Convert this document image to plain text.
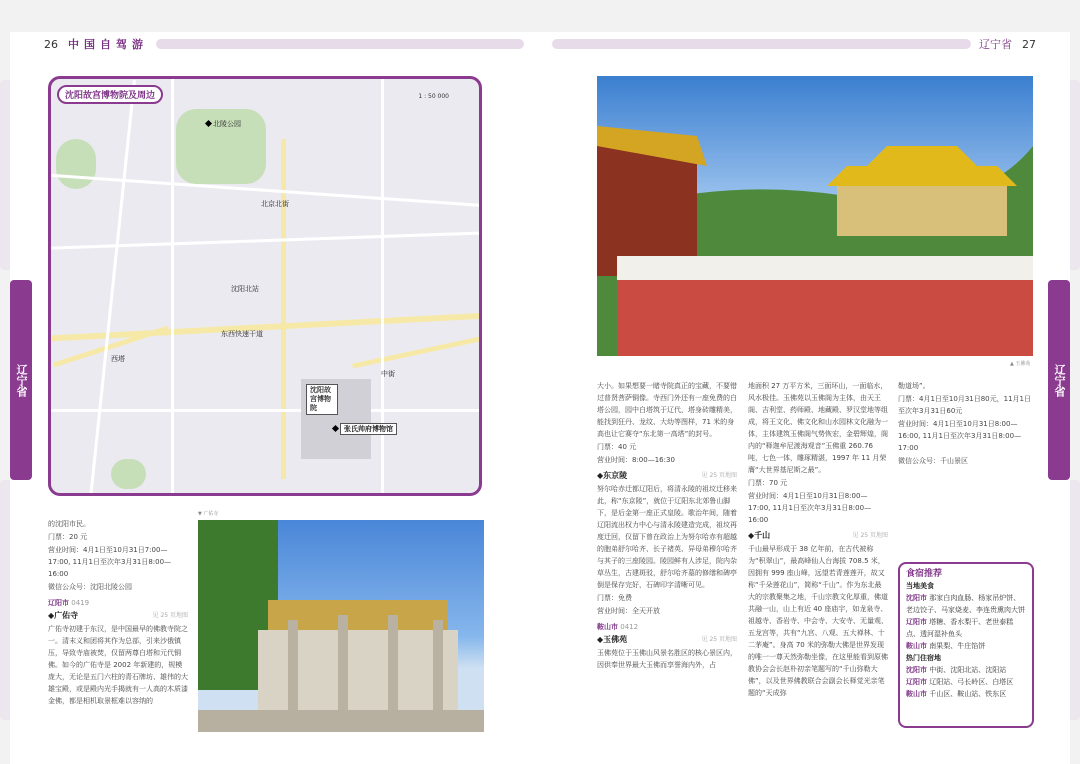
26 中国自驾游	辽宁省 27
辽宁省	辽宁省
沈阳故宫博物院及周边	1 : 50 000
北陵公园
沈阳北站
西塔
东西快速干道
北京北街
中街
沈阳故宫博物院
张氏帅府博物馆

的沈阳市民。

门票：20 元

营业时间：4月1日至10月31日7:00—17:00, 11月1日至次年3月31日8:00—16:00

微信公众号：沈阳北陵公园

辽阳市 0419

◆广佑寺	见 25 页地图

广佑寺初建于东汉，是中国最早的佛教寺院之一。清末义和团将其作为总部，引来沙俄镇压，导致寺庙被焚，仅留两尊白塔和元代铜佛。如今的广佑寺是 2002 年新建的，规模庞大，无论是五门六柱的青石牌坊、雄伟的大雄宝殿，或是殿内光手揭就有一人高的木质漆金佛，都是相机取景框难以容纳的

▼ 广佑寺
▲ 玉佛苑

大小。如果想要一睹寺院真正的宝藏，不要错过普贤菩萨铜像。寺西门外还有一座免费的白塔公园，园中白塔筑于辽代，塔身砖雕精美，能找到狂丹、龙纹、大幼等图样，71 米的身高也让它赛夺“东北第一高塔”的封号。

门票：40 元

营业时间：8:00—16:30

◆东京陵	见 25 页地图

努尔哈赤迁都辽阳后，将清永陵的祖坟迁移来此，称“东京陵”，就位于辽阳东北郊鲁山脚下，是后金第一座正式皇陵。歌治年间，随着辽阳流出权力中心与清永陵建造完成，祖坟再度迁回，仅留下曾在政治上为努尔哈赤有超越的胞弟舒尔哈齐、长子褚英、异母弟穆尔哈齐与其子的三座陵园。陵园鲜有人涉足，院内杂草丛生，古建斑驳，舒尔哈齐墓的修缮和碑亭倒是保存完好，石碑印字清晰可见。

门票：免费

营业时间：全天开放

鞍山市 0412

◆玉佛苑	见 25 页地图

玉佛苑位于玉佛山风景名胜区的核心景区内，因供奉世界最大玉佛而享誉海内外，占

地面积 27 万平方米，三面环山，一面临水，风水极佳。玉佛苑以玉佛阁为主体，由天王阁、吉利堂、药师殿、地藏殿、罗汉堂地等组成，将王文化、佛文化和山水园林文化融为一体，主体建筑玉佛阁气势恢宏，金碧辉煌，阁内的“释迦牟尼渡海观音”玉佛重 260.76 吨，七色一体，雕琢精湛，1997 年 11 月荣膺“大世界基尼斯之最”。

门票：70 元

营业时间：4月1日至10月31日8:00—17:00, 11月1日至次年3月31日8:00—16:00

◆千山	见 25 页地图

千山最早形成于 38 亿年前，在古代被称为“积翠山”，最高峰仙人台海拔 708.5 米，因拥有 999 座山峰，远望若青莲莲开，故又称“千朵莲花山”，简称“千山”。作为东北最大的宗教聚集之地，千山宗教文化厚重，佛道共融一山，山上有近 40 座庙宇，如龙泉寺、祖越寺、香岩寺、中会寺、大安寺、无量观、五龙宫等，共有“九宫、八观、五大禅林、十二茅庵”。身高 70 米的弥勒大佛是世界发现的唯一一尊天然弥勒坐像，在这里能看到原佛教协会会长赵朴初亲笔题写的“千山弥勒大佛”，以及世界佛教联合会副会长释觉光亲笔题的“天成弥

勒道场”。

门票：4月1日至10月31日80元，11月1日至次年3月31日60元

营业时间：4月1日至10月31日8:00—16:00, 11月1日至次年3月31日8:00—17:00

微信公众号：千山景区

食宿推荐
当地美食

沈阳市 那家白肉血肠、杨家吊炉饼、老边饺子、马家烧麦、李连贵熏肉大饼

辽阳市 塔糖、香水梨干、老世泰糕点、透河湿补鱼头

鞍山市 南果梨、牛庄馅饼

热门住宿地

沈阳市 中街、沈阳北站、沈阳站

辽阳市 辽阳站、弓长岭区、白塔区

鞍山市 千山区、鞍山站、铁东区
